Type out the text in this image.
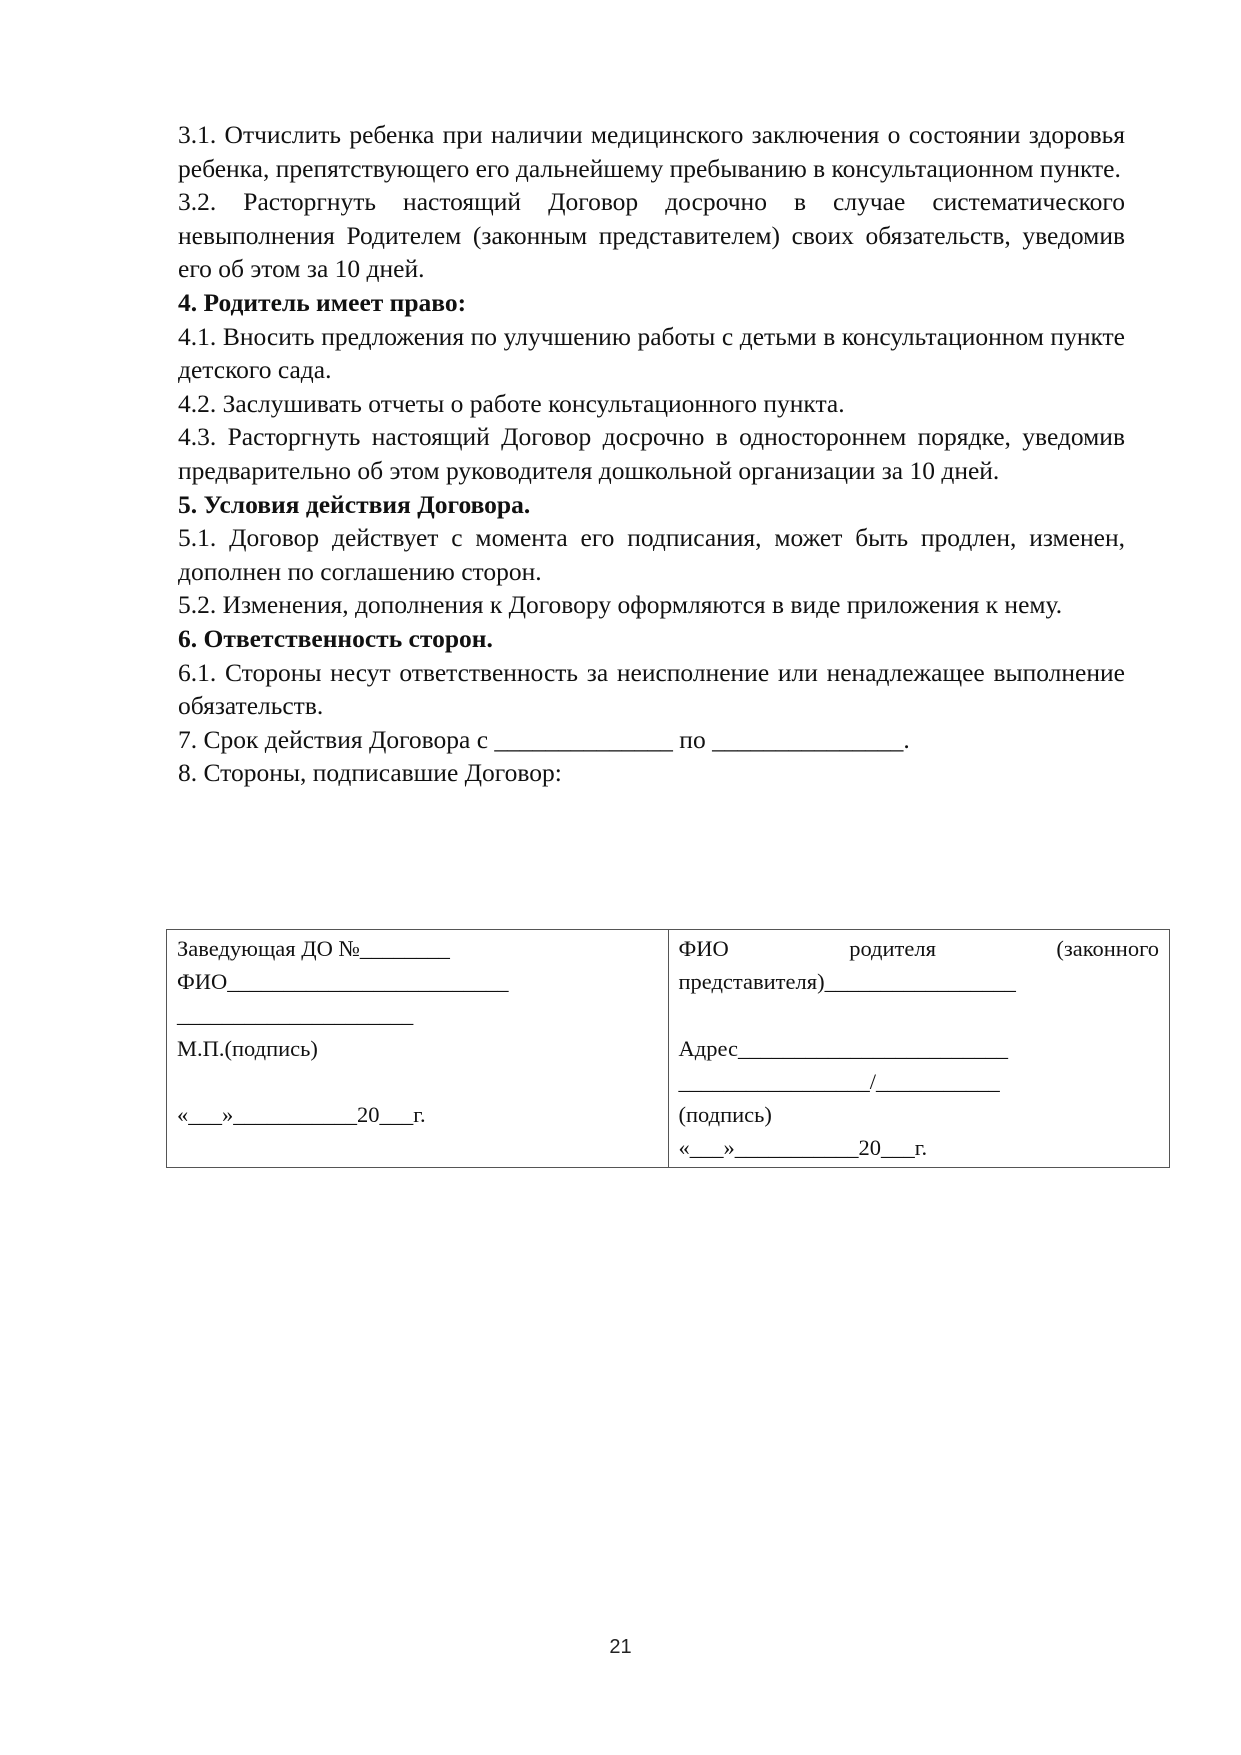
3.1. Отчислить ребенка при наличии медицинского заключения о состоянии здоровья ребенка, препятствующего его дальнейшему пребыванию в консультационном пункте.

3.2. Расторгнуть настоящий Договор досрочно в случае систематического невыполнения Родителем (законным представителем) своих обязательств, уведомив его об этом за 10 дней.

4. Родитель имеет право:

4.1. Вносить предложения по улучшению работы с детьми в консультационном пункте детского сада.

4.2. Заслушивать отчеты о работе консультационного пункта.

4.3. Расторгнуть настоящий Договор досрочно в одностороннем порядке, уведомив предварительно об этом руководителя дошкольной организации за 10 дней.

5. Условия действия Договора.

5.1. Договор действует с момента его подписания, может быть продлен, изменен, дополнен по соглашению сторон.

5.2. Изменения, дополнения к Договору оформляются в виде приложения к нему.

6. Ответственность сторон.

6.1. Стороны несут ответственность за неисполнение или ненадлежащее выполнение обязательств.

7. Срок действия Договора с ______________ по _______________.

8. Стороны, подписавшие Договор:

Заведующая ДО №________
ФИО_________________________
_____________________
М.П.(подпись)
«___»___________20___г.

ФИО	родителя	(законного
представителя)_________________
Адрес________________________
_________________/___________
(подпись)
«___»___________20___г.
21
